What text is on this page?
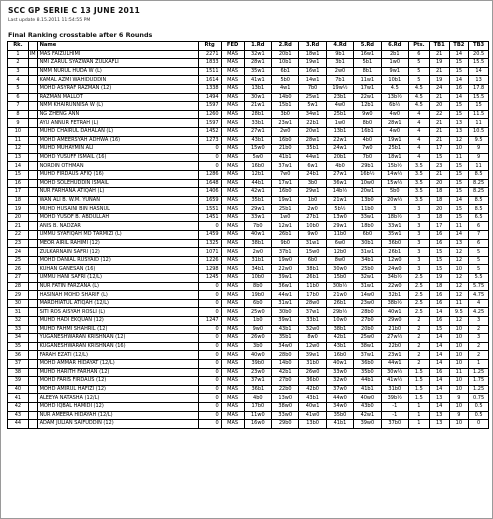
SCC GP SERIE C 13 JUNE 2011
Last update 8.15.2011 11:54:55 PM
Final Ranking crosstable after 6 Rounds
Rk.		Name	Rtg	FED	1.Rd	2.Rd	3.Rd	4.Rd	5.Rd	6.Rd	Pts.	TB1	TB2	TB3
1	IM	MAS FAIZULHIMI	2271	MAS	32w1	20b1	18w1	9b1	16w1	2b1	6	21	14	20.5
2		NMI ZARUL SYAZWAN ZULKAFLI	1833	MAS	28w1	10b1	19w1	3b1	5b1	1w0	5	19	15	15.5
3		NMM NURUL HUDA W (L)	1511	MAS	35w1	6b1	16w1	2w0	8b1	9w1	5	21	15	14
4		KAMAL AZMI WAHIDUDDIN	1614	MAS	41w1	5b0	14w1	7b1	11w1	10b1	5	19	14	13
5		MOHD ASYRAF RAZMAN (12)	1338	MAS	13b1	4w1	7b0	19w½	17w1	4.5	4.5	24	16	17.8
6		RAZMAN MALLOT	1494	MAS	30w1	14b0	25w1	23b1	22w1	13b½	4.5	21	14	15.5
7		NMM KHAIRUNNISA W (L)	1597	MAS	21w1	15b1	5w1	4w0	12b1	6b½	4.5	20	15	15
8		NG ZHENG ANN	1260	MAS	28b1	3b0	34w1	25b1	9w0	4w0	4	22	15	11.5
9		AYU ANNUR FETRAH (L)	1597	MAS	33b1	23w1	22b1	1w0	8b0	28w1	4	21	13	11
10		MUHD CHAIRUL DAHALAN (L)	1452	MAS	27w1	2w0	20w1	13b1	16b1	4w0	4	21	13	10.5
11		MOHD AMEERSYAH ADHWA (16)	1273	MAS	43b1	16b0	28w1	22w1	4b0	19w1	4	21	12	9.5
12		MUHD MUHAYMIN ALI	0	MAS	15w0	21b0	35b1	24w1	7w0	25b1	4	17	10	9
13		MOHD YUSUFF ISMAIL (16)	0	MAS	5w0	41b1	44w1	20b1	7b0	18w1	4	15	11	9
14		NORDIN OTHMAN	0	MAS	16b0	37w1	6w1	4b0	29b1	15b½	3.5	23	15	11
15		MUHD FIRDAUS AFIQ (16)	1286	MAS	12b1	7w0	24b1	27w1	16b½	14w½	3.5	21	15	8.5
16		MOHD SOLEHUDDIN ISMAIL	1648	MAS	44b1	17w1	3b0	36w1	10w0	15w½	3.5	20	15	8.25
17		NUR FARHANA ATIQAH (L)	1406	MAS	42w1	16b0	29w1	14b½	20w1	5b0	3.5	18	15	8.25
18		WAN ALI B. W.M. YUNAN	1659	MAS	35b1	19w1	1b0	21w1	13b0	20w½	3.5	18	14	8.5
19		MUHD HUSAINI BIN HASNUL	1551	MAS	29w1	25b1	2w0	5b½	11b0	3	3	20	15	8.5
20		MOHD YUSOF B. ABDULLAH	1451	MAS	33w1	1w0	27b1	13w0	33w1	18b½	3	18	15	6.5
21		ANIS B. NADZAR	0	MAS	7b0	12w1	10b0	29w1	18b0	33w1	3	17	11	6
22		UMMU SYAFIQAH MD TARMIZI (L)	1459	MAS	40w1	26b1	9w0	11b0	6b0	35w1	3	16	14	7
23		MEOR AIRIL RAHIMI (12)	1325	MAS	38b1	9b0	31w1	6w0	30b1	36b0	3	16	13	6
24		ZULKARNAIN SAFRI (12)	1071	MAS	2w0	37b1	15w0	12b0	31w1	26b1	3	15	12	5
25		MOHD DANIAL RUSYAID (12)	1226	MAS	31b1	19w0	6b0	8w0	34b1	12w0	3	15	12	5
26		KUHAN GANESAN (16)	1298	MAS	34b1	22w0	38b1	30w0	25b0	24w0	3	15	10	5
27		UMMU HANI SAFRI (12/L)	1245	MAS	10b0	39w1	26b1	15b0	32w1	34b½	2.5	19	12	5.5
28		NUR FATIN FARZANA (L)	0	MAS	8b0	36w1	11b0	30b½	31w1	22w0	2.5	18	12	5.75
29		HASINAH MOHD SHARIF (L)	0	MAS	19b0	44w1	17b0	21w0	14w0	32b1	2.5	16	12	4.75
30		MARDHIATUL ATIQAH (12/L)	0	MAS	6b0	31w1	28w0	26b1	23w0	38b½	2.5	16	11	4
31		SITI ROS AISYAH ROSLI (L)	0	MAS	25w0	30b0	37w1	29b½	28b0	40w1	2.5	14	9.5	4.25
32		MUHD HADI EKQUAN (12)	1247	MAS	1b0	39w1	33b1	10w0	27b0	29w0	2	16	12	3
33		MUHD FAHMI SHAHRIL (12)	0	MAS	9w0	43b1	32w0	38b1	20b0	21b0	2	15	10	2
34		YUGANESHWARAN KRISHNAN (12)	0	MAS	26w0	35b1	8w0	42b1	25w0	27w½	2	14	10	3
35		KUGANESHWARAN KRISHNAN (16)	0	MAS	3b0	34w0	12w0	43b1	38w1	22b0	2	14	10	2
36		FARAH EZATI (12/L)	0	MAS	40w0	28b0	39w1	16b0	37w1	23w1	2	14	10	2
37		MOHD AMMAR HIDAYAT (12/L)	0	MAS	39b0	14b0	31b0	40w1	36b0	44w1	2	14	10	1
38		MUHD HARITH FARHAN (12)	0	MAS	23w0	42b1	26w0	33w0	35b0	30w½	1.5	16	11	1.25
39		MOHD FARIS FIRDAUS (12)	0	MAS	37w1	27b0	36b0	32w0	44b1	41w½	1.5	14	10	1.75
40		MOHD AMIRUL HAFIZI (12)	0	MAS	36b1	22b0	42b0	37w0	41b1	31b0	1.5	14	10	1.25
41		ALEEYA NATASHA (12/L)	0	MAS	4b0	13w0	43b1	44w0	40w0	39b½	1.5	13	9	0.75
42		MOHD IQBAL HAMIDI (12)	0	MAS	17b0	38w0	40w1	34w0	43b0	-1	1	14	10	0.5
43		NUR AMEERA HIDAYAH (12/L)	0	MAS	11w0	33w0	41w0	35b0	42w1	-1	1	13	9	0.5
44		ADAM JULIAN SAIFUDDIN (12)	0	MAS	16w0	29b0	13b0	41b1	39w0	37b0	1	13	10	0
